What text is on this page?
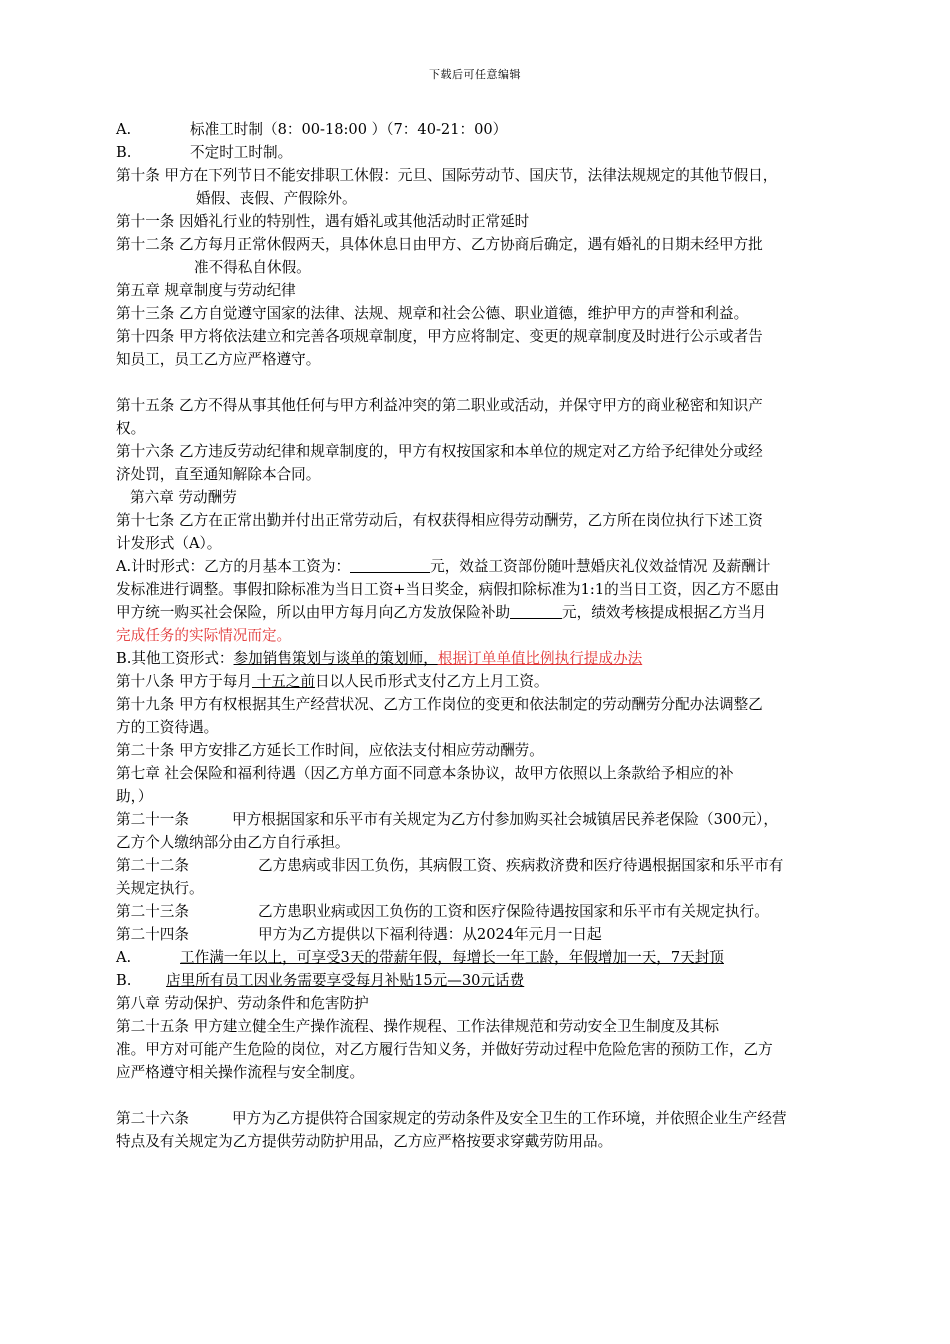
下载后可任意编辑
A.	标准工时制（8：00-18:00 ）（7：40-21：00）
B.	不定时工时制。
第十条 甲方在下列节日不能安排职工休假：元旦、国际劳动节、国庆节，法律法规规定的其他节假日，
婚假、丧假、产假除外。
第十一条 因婚礼行业的特别性，遇有婚礼或其他活动时正常延时
第十二条 乙方每月正常休假两天，具体休息日由甲方、乙方协商后确定，遇有婚礼的日期未经甲方批
准不得私自休假。
第五章 规章制度与劳动纪律
第十三条 乙方自觉遵守国家的法律、法规、规章和社会公德、职业道德，维护甲方的声誉和利益。
第十四条 甲方将依法建立和完善各项规章制度，甲方应将制定、变更的规章制度及时进行公示或者告
知员工，员工乙方应严格遵守。
第十五条 乙方不得从事其他任何与甲方利益冲突的第二职业或活动，并保守甲方的商业秘密和知识产
权。
第十六条 乙方违反劳动纪律和规章制度的，甲方有权按国家和本单位的规定对乙方给予纪律处分或经
济处罚，直至通知解除本合同。
第六章 劳动酬劳
第十七条 乙方在正常出勤并付出正常劳动后，有权获得相应得劳动酬劳，乙方所在岗位执行下述工资
计发形式（A）。
A.计时形式：乙方的月基本工资为：	元，效益工资部份随叶慧婚庆礼仪效益情况 及薪酬计
发标准进行调整。事假扣除标准为当日工资+当日奖金，病假扣除标准为1:1的当日工资，因乙方不愿由
甲方统一购买社会保险，所以由甲方每月向乙方发放保险补助	元，绩效考核提成根据乙方当月
完成任务的实际情况而定。
B.其他工资形式：参加销售策划与谈单的策划师，根据订单单值比例执行提成办法
第十八条 甲方于每月 十五之前日以人民币形式支付乙方上月工资。
第十九条 甲方有权根据其生产经营状况、乙方工作岗位的变更和依法制定的劳动酬劳分配办法调整乙
方的工资待遇。
第二十条 甲方安排乙方延长工作时间，应依法支付相应劳动酬劳。
第七章 社会保险和福利待遇（因乙方单方面不同意本条协议，故甲方依照以上条款给予相应的补
助，）
第二十一条	甲方根据国家和乐平市有关规定为乙方付参加购买社会城镇居民养老保险（300元），
乙方个人缴纳部分由乙方自行承担。
第二十二条	乙方患病或非因工负伤，其病假工资、疾病救济费和医疗待遇根据国家和乐平市有
关规定执行。
第二十三条	乙方患职业病或因工负伤的工资和医疗保险待遇按国家和乐平市有关规定执行。
第二十四条	甲方为乙方提供以下福利待遇：从2024年元月一日起
A.	工作满一年以上，可享受3天的带薪年假，每增长一年工龄，年假增加一天，7天封顶
B. 店里所有员工因业务需要享受每月补贴15元—30元话费
第八章 劳动保护、劳动条件和危害防护
第二十五条 甲方建立健全生产操作流程、操作规程、工作法律规范和劳动安全卫生制度及其标
准。甲方对可能产生危险的岗位，对乙方履行告知义务，并做好劳动过程中危险危害的预防工作，乙方
应严格遵守相关操作流程与安全制度。
第二十六条	甲方为乙方提供符合国家规定的劳动条件及安全卫生的工作环境，并依照企业生产经营
特点及有关规定为乙方提供劳动防护用品，乙方应严格按要求穿戴劳防用品。
